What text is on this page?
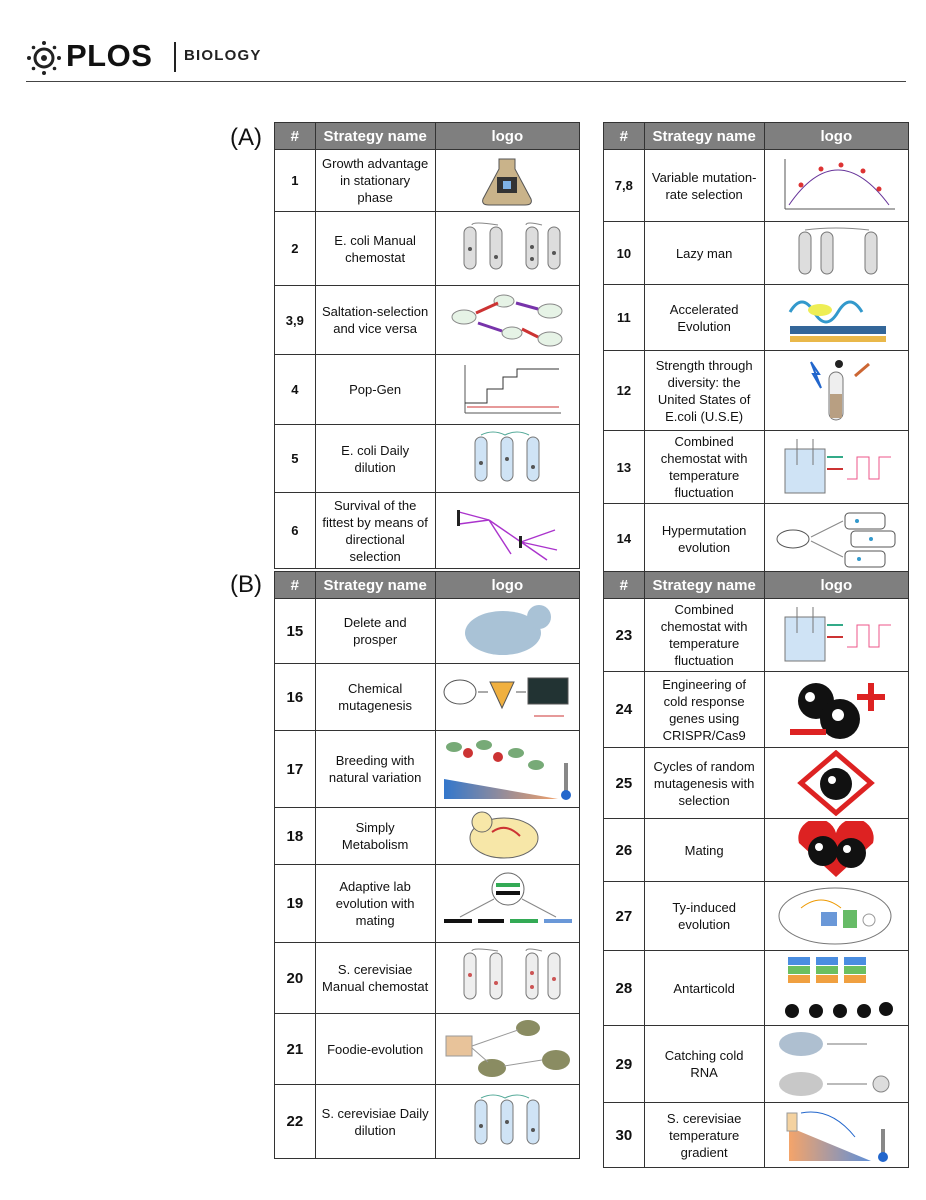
PLOS BIOLOGY
(A)
(B)
#	Strategy name	logo
1	Growth advantage in stationary phase	

2	E. coli Manual chemostat	

3,9	Saltation-selection and vice versa	

4	Pop-Gen	

5	E. coli Daily dilution	

6	Survival of the fittest by means of directional selection	
#	Strategy name	logo
7,8	Variable mutation-rate selection	

10	Lazy man	

11	Accelerated Evolution	

12	Strength through diversity: the United States of E.coli (U.S.E)	

13	Combined chemostat with temperature fluctuation	

14	Hypermutation evolution	
#	Strategy name	logo
15	Delete and prosper	

16	Chemical mutagenesis	

17	Breeding with natural variation	

18	Simply Metabolism	

19	Adaptive lab evolution with mating	

20	S. cerevisiae Manual chemostat	

21	Foodie-evolution	

22	S. cerevisiae Daily dilution	
#	Strategy name	logo
23	Combined chemostat with temperature fluctuation	

24	Engineering of cold response genes using CRISPR/Cas9	

25	Cycles of random mutagenesis with selection	

26	Mating	

27	Ty-induced evolution	

28	Antarticold	

29	Catching cold RNA	

30	S. cerevisiae temperature gradient	
